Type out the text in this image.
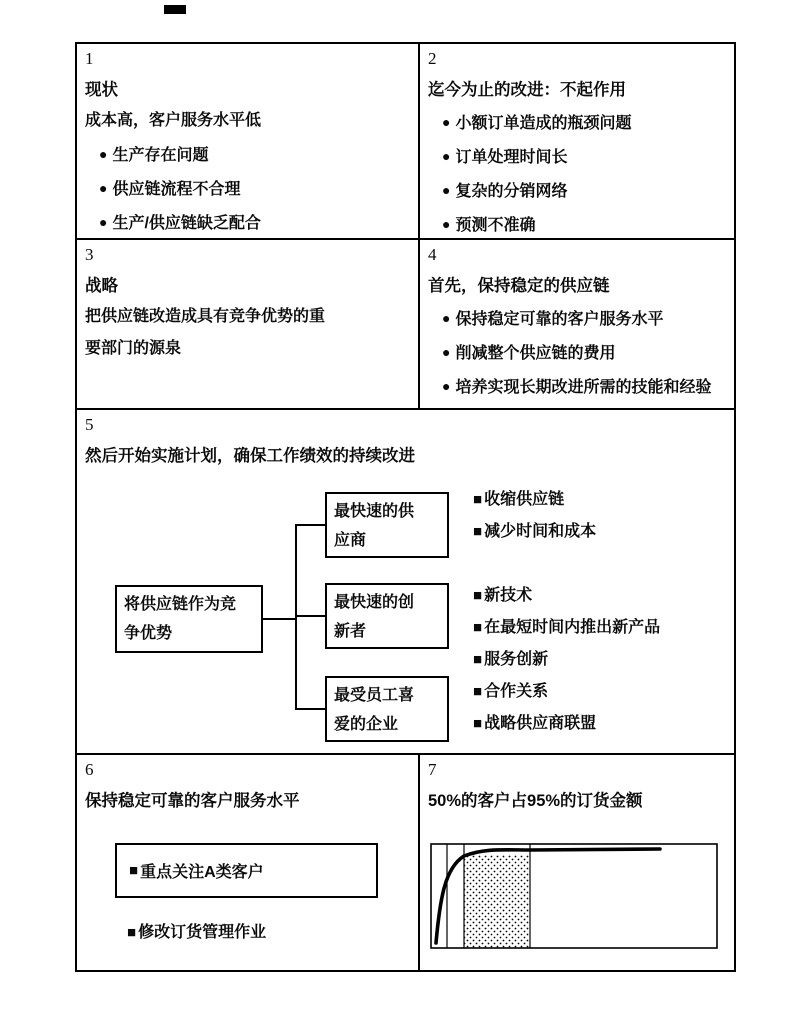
1
现状
成本高，客户服务水平低
● 生产存在问题
● 供应链流程不合理
● 生产/供应链缺乏配合
2
迄今为止的改进：不起作用
● 小额订单造成的瓶颈问题
● 订单处理时间长
● 复杂的分销网络
● 预测不准确
3
战略
把供应链改造成具有竞争优势的重
要部门的源泉
4
首先，保持稳定的供应链
● 保持稳定可靠的客户服务水平
● 削减整个供应链的费用
● 培养实现长期改进所需的技能和经验
5
然后开始实施计划，确保工作绩效的持续改进
将供应链作为竞
争优势
最快速的供
应商
最快速的创
新者
最受员工喜
爱的企业
■ 收缩供应链
■ 减少时间和成本
■ 新技术
■ 在最短时间内推出新产品
■ 服务创新
■ 合作关系
■ 战略供应商联盟
6
保持稳定可靠的客户服务水平
■ 重点关注A类客户
■ 修改订货管理作业
7
50%的客户占95%的订货金额
